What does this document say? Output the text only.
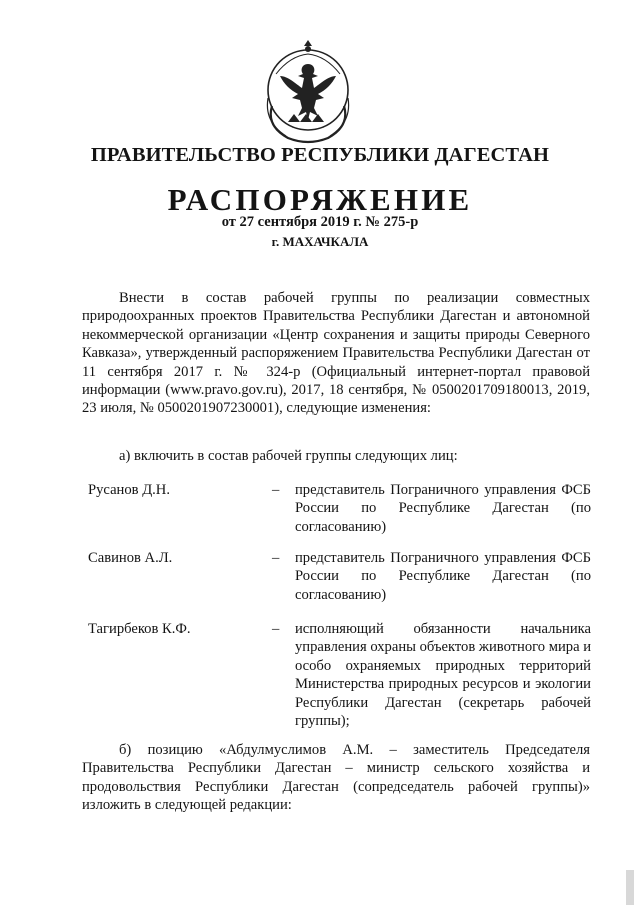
ПРАВИТЕЛЬСТВО РЕСПУБЛИКИ ДАГЕСТАН
РАСПОРЯЖЕНИЕ
от 27 сентября 2019 г. № 275-р
г. МАХАЧКАЛА
Внести в состав рабочей группы по реализации совместных природоохранных проектов Правительства Республики Дагестан и автономной некоммерческой организации «Центр сохранения и защиты природы Северного Кавказа», утвержденный распоряжением Правительства Республики Дагестан от 11 сентября 2017 г. № 324-р (Официальный интернет-портал правовой информации (www.pravo.gov.ru), 2017, 18 сентября, № 0500201709180013, 2019, 23 июля, № 0500201907230001), следующие изменения:
а) включить в состав рабочей группы следующих лиц:
Русанов Д.Н.	– представитель Пограничного управления ФСБ России по Республике Дагестан (по согласованию)
Савинов А.Л.	– представитель Пограничного управления ФСБ России по Республике Дагестан (по согласованию)
Тагирбеков К.Ф.	– исполняющий обязанности начальника управления охраны объектов животного мира и особо охраняемых природных территорий Министерства природных ресурсов и экологии Республики Дагестан (секретарь рабочей группы);
б) позицию «Абдулмуслимов А.М. – заместитель Председателя Правительства Республики Дагестан – министр сельского хозяйства и продовольствия Республики Дагестан (сопредседатель рабочей группы)» изложить в следующей редакции:
